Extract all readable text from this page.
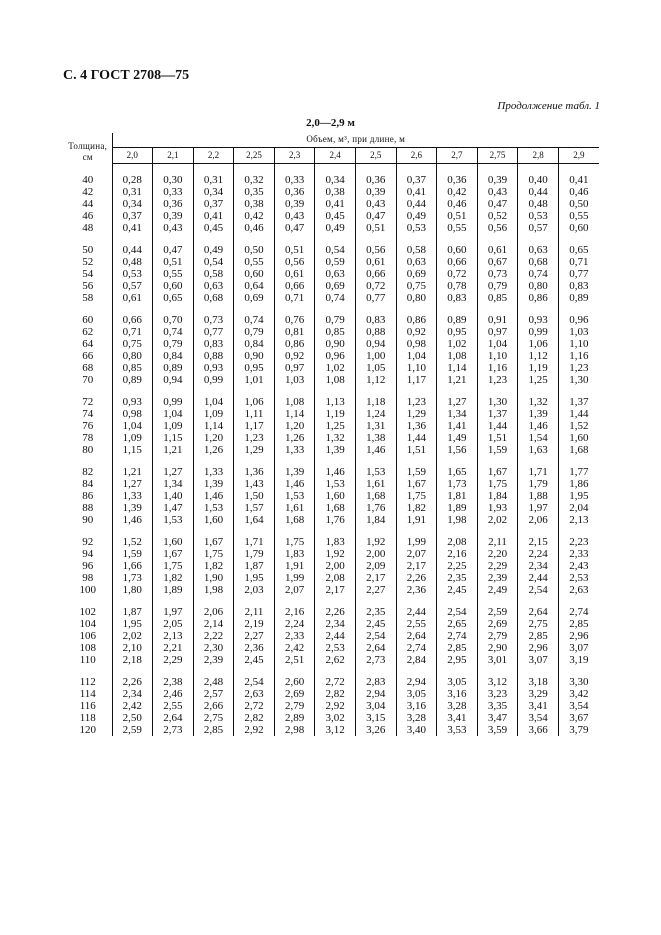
С. 4 ГОСТ 2708—75
Продолжение табл. 1
2,0—2,9 м
Толщина, см	Объем, м³, при длине, м											
	2,0	2,1	2,2	2,25	2,3	2,4	2,5	2,6	2,7	2,75	2,8	2,9

40	0,28	0,30	0,31	0,32	0,33	0,34	0,36	0,37	0,36	0,39	0,40	0,41
42	0,31	0,33	0,34	0,35	0,36	0,38	0,39	0,41	0,42	0,43	0,44	0,46
44	0,34	0,36	0,37	0,38	0,39	0,41	0,43	0,44	0,46	0,47	0,48	0,50
46	0,37	0,39	0,41	0,42	0,43	0,45	0,47	0,49	0,51	0,52	0,53	0,55
48	0,41	0,43	0,45	0,46	0,47	0,49	0,51	0,53	0,55	0,56	0,57	0,60

50	0,44	0,47	0,49	0,50	0,51	0,54	0,56	0,58	0,60	0,61	0,63	0,65
52	0,48	0,51	0,54	0,55	0,56	0,59	0,61	0,63	0,66	0,67	0,68	0,71
54	0,53	0,55	0,58	0,60	0,61	0,63	0,66	0,69	0,72	0,73	0,74	0,77
56	0,57	0,60	0,63	0,64	0,66	0,69	0,72	0,75	0,78	0,79	0,80	0,83
58	0,61	0,65	0,68	0,69	0,71	0,74	0,77	0,80	0,83	0,85	0,86	0,89

60	0,66	0,70	0,73	0,74	0,76	0,79	0,83	0,86	0,89	0,91	0,93	0,96
62	0,71	0,74	0,77	0,79	0,81	0,85	0,88	0,92	0,95	0,97	0,99	1,03
64	0,75	0,79	0,83	0,84	0,86	0,90	0,94	0,98	1,02	1,04	1,06	1,10
66	0,80	0,84	0,88	0,90	0,92	0,96	1,00	1,04	1,08	1,10	1,12	1,16
68	0,85	0,89	0,93	0,95	0,97	1,02	1,05	1,10	1,14	1,16	1,19	1,23
70	0,89	0,94	0,99	1,01	1,03	1,08	1,12	1,17	1,21	1,23	1,25	1,30

72	0,93	0,99	1,04	1,06	1,08	1,13	1,18	1,23	1,27	1,30	1,32	1,37
74	0,98	1,04	1,09	1,11	1,14	1,19	1,24	1,29	1,34	1,37	1,39	1,44
76	1,04	1,09	1,14	1,17	1,20	1,25	1,31	1,36	1,41	1,44	1,46	1,52
78	1,09	1,15	1,20	1,23	1,26	1,32	1,38	1,44	1,49	1,51	1,54	1,60
80	1,15	1,21	1,26	1,29	1,33	1,39	1,46	1,51	1,56	1,59	1,63	1,68

82	1,21	1,27	1,33	1,36	1,39	1,46	1,53	1,59	1,65	1,67	1,71	1,77
84	1,27	1,34	1,39	1,43	1,46	1,53	1,61	1,67	1,73	1,75	1,79	1,86
86	1,33	1,40	1,46	1,50	1,53	1,60	1,68	1,75	1,81	1,84	1,88	1,95
88	1,39	1,47	1,53	1,57	1,61	1,68	1,76	1,82	1,89	1,93	1,97	2,04
90	1,46	1,53	1,60	1,64	1,68	1,76	1,84	1,91	1,98	2,02	2,06	2,13

92	1,52	1,60	1,67	1,71	1,75	1,83	1,92	1,99	2,08	2,11	2,15	2,23
94	1,59	1,67	1,75	1,79	1,83	1,92	2,00	2,07	2,16	2,20	2,24	2,33
96	1,66	1,75	1,82	1,87	1,91	2,00	2,09	2,17	2,25	2,29	2,34	2,43
98	1,73	1,82	1,90	1,95	1,99	2,08	2,17	2,26	2,35	2,39	2,44	2,53
100	1,80	1,89	1,98	2,03	2,07	2,17	2,27	2,36	2,45	2,49	2,54	2,63

102	1,87	1,97	2,06	2,11	2,16	2,26	2,35	2,44	2,54	2,59	2,64	2,74
104	1,95	2,05	2,14	2,19	2,24	2,34	2,45	2,55	2,65	2,69	2,75	2,85
106	2,02	2,13	2,22	2,27	2,33	2,44	2,54	2,64	2,74	2,79	2,85	2,96
108	2,10	2,21	2,30	2,36	2,42	2,53	2,64	2,74	2,85	2,90	2,96	3,07
110	2,18	2,29	2,39	2,45	2,51	2,62	2,73	2,84	2,95	3,01	3,07	3,19

112	2,26	2,38	2,48	2,54	2,60	2,72	2,83	2,94	3,05	3,12	3,18	3,30
114	2,34	2,46	2,57	2,63	2,69	2,82	2,94	3,05	3,16	3,23	3,29	3,42
116	2,42	2,55	2,66	2,72	2,79	2,92	3,04	3,16	3,28	3,35	3,41	3,54
118	2,50	2,64	2,75	2,82	2,89	3,02	3,15	3,28	3,41	3,47	3,54	3,67
120	2,59	2,73	2,85	2,92	2,98	3,12	3,26	3,40	3,53	3,59	3,66	3,79
